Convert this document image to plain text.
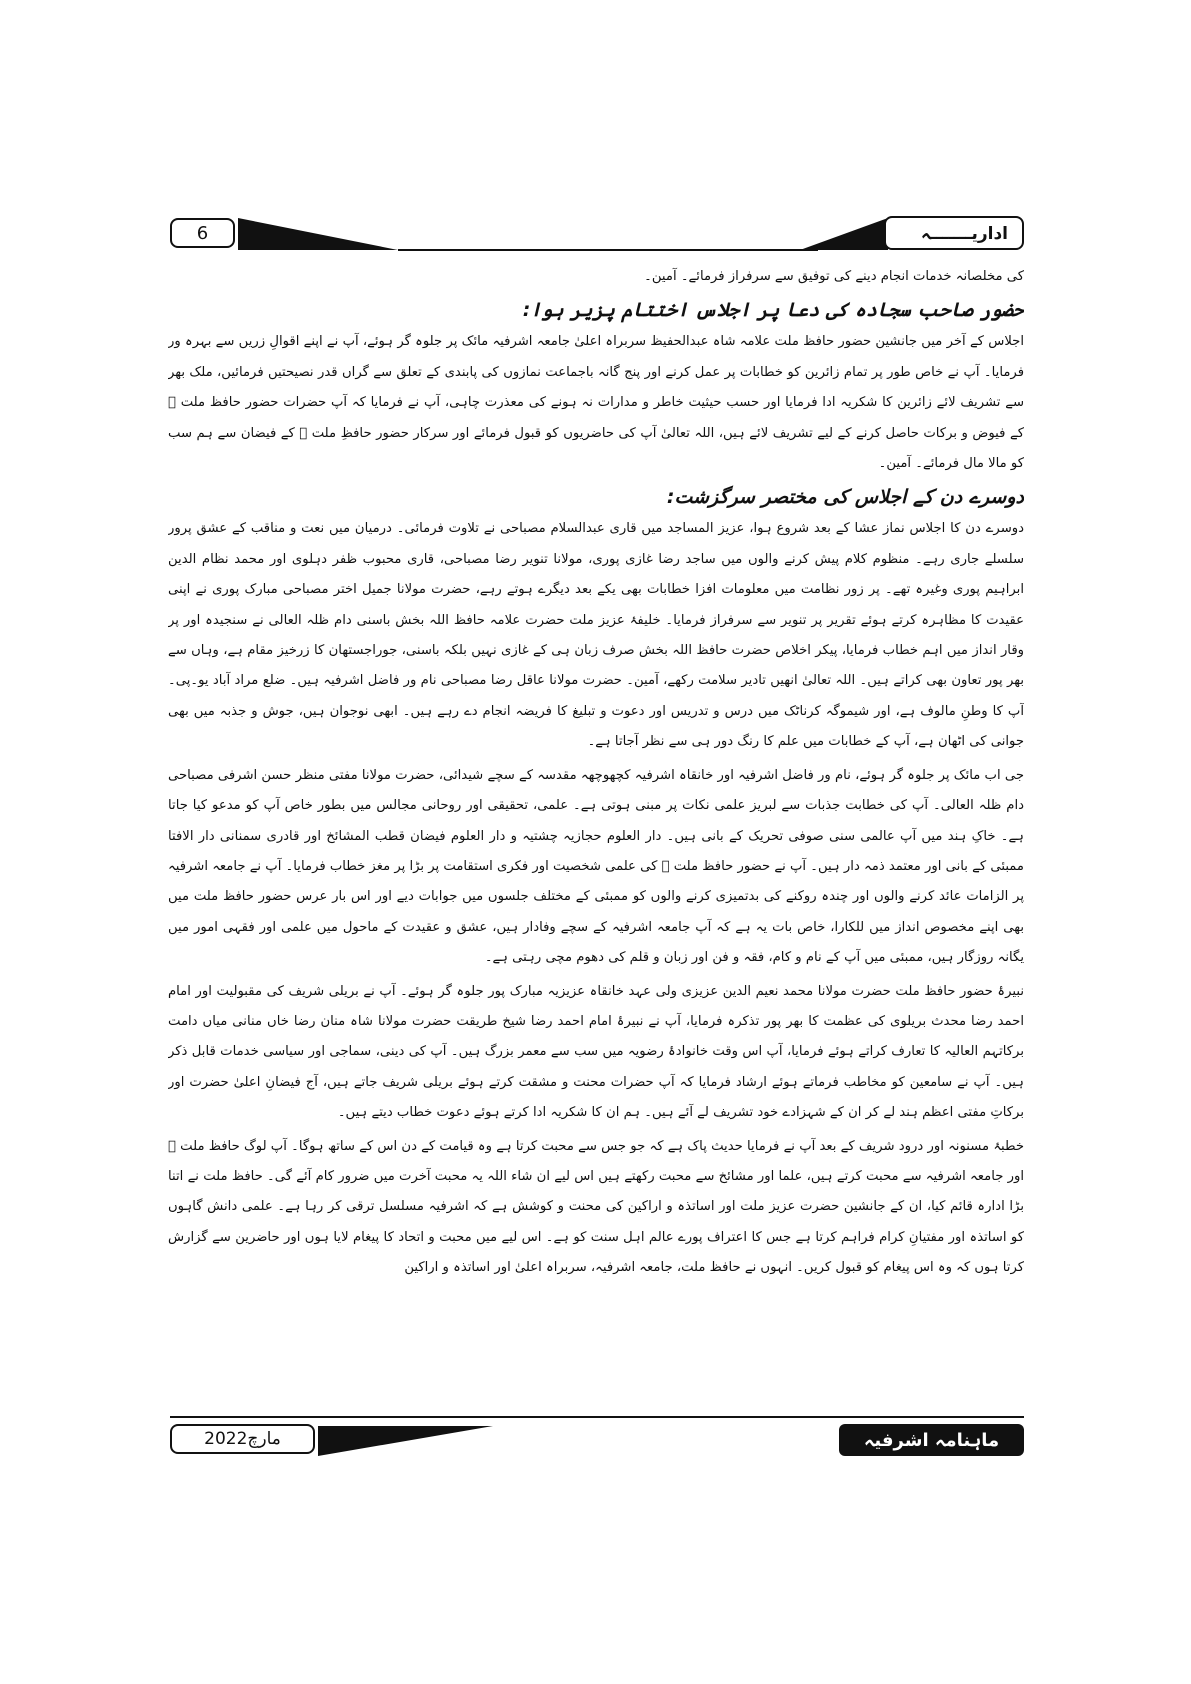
6	اداریـــــــہ

کی مخلصانہ خدمات انجام دینے کی توفیق سے سرفراز فرمائے۔ آمین۔

حضور صاحب سجادہ کی دعا پر اجلاس اختتام پزیر ہوا:

اجلاس کے آخر میں جانشین حضور حافظ ملت علامہ شاہ عبدالحفیظ سربراہ اعلیٰ جامعہ اشرفیہ مائک پر جلوہ گر ہوئے، آپ نے اپنے اقوالِ زریں سے بہرہ ور فرمایا۔ آپ نے خاص طور پر تمام زائرین کو خطابات پر عمل کرنے اور پنج گانہ باجماعت نمازوں کی پابندی کے تعلق سے گراں قدر نصیحتیں فرمائیں، ملک بھر سے تشریف لائے زائرین کا شکریہ ادا فرمایا اور حسب حیثیت خاطر و مدارات نہ ہونے کی معذرت چاہی، آپ نے فرمایا کہ آپ حضرات حضور حافظ ملت ﷫ کے فیوض و برکات حاصل کرنے کے لیے تشریف لائے ہیں، اللہ تعالیٰ آپ کی حاضریوں کو قبول فرمائے اور سرکار حضور حافظِ ملت ﷫ کے فیضان سے ہم سب کو مالا مال فرمائے۔ آمین۔

دوسرے دن کے اجلاس کی مختصر سرگزشت:

دوسرے دن کا اجلاس نماز عشا کے بعد شروع ہوا، عزیز المساجد میں قاری عبدالسلام مصباحی نے تلاوت فرمائی۔ درمیان میں نعت و مناقب کے عشق پرور سلسلے جاری رہے۔ منظوم کلام پیش کرنے والوں میں ساجد رضا غازی پوری، مولانا تنویر رضا مصباحی، قاری محبوب ظفر دہلوی اور محمد نظام الدین ابراہیم پوری وغیرہ تھے۔ پر زور نظامت میں معلومات افزا خطابات بھی یکے بعد دیگرے ہوتے رہے، حضرت مولانا جمیل اختر مصباحی مبارک پوری نے اپنی عقیدت کا مظاہرہ کرتے ہوئے تقریر پر تنویر سے سرفراز فرمایا۔ خلیفۂ عزیز ملت حضرت علامہ حافظ اللہ بخش باسنی دام ظلہ العالی نے سنجیدہ اور پر وقار انداز میں اہم خطاب فرمایا، پیکر اخلاص حضرت حافظ اللہ بخش صرف زبان ہی کے غازی نہیں بلکہ باسنی، جوراجستھان کا زرخیز مقام ہے، وہاں سے بھر پور تعاون بھی کراتے ہیں۔ اللہ تعالیٰ انھیں تادیر سلامت رکھے، آمین۔ حضرت مولانا عاقل رضا مصباحی نام ور فاضل اشرفیہ ہیں۔ ضلع مراد آباد یو۔پی۔ آپ کا وطنِ مالوف ہے، اور شیموگہ کرناٹک میں درس و تدریس اور دعوت و تبلیغ کا فریضہ انجام دے رہے ہیں۔ ابھی نوجوان ہیں، جوش و جذبہ میں بھی جوانی کی اٹھان ہے، آپ کے خطابات میں علم کا رنگ دور ہی سے نظر آجاتا ہے۔

جی اب مائک پر جلوہ گر ہوئے، نام ور فاضل اشرفیہ اور خانقاہ اشرفیہ کچھوچھہ مقدسہ کے سچے شیدائی، حضرت مولانا مفتی منظر حسن اشرفی مصباحی دام ظلہ العالی۔ آپ کی خطابت جذبات سے لبریز علمی نکات پر مبنی ہوتی ہے۔ علمی، تحقیقی اور روحانی مجالس میں بطور خاص آپ کو مدعو کیا جاتا ہے۔ خاکِ ہند میں آپ عالمی سنی صوفی تحریک کے بانی ہیں۔ دار العلوم حجازیہ چشتیہ و دار العلوم فیضان قطب المشائخ اور قادری سمنانی دار الافتا ممبئی کے بانی اور معتمد ذمہ دار ہیں۔ آپ نے حضور حافظ ملت ﷫ کی علمی شخصیت اور فکری استقامت پر بڑا پر مغز خطاب فرمایا۔ آپ نے جامعہ اشرفیہ پر الزامات عائد کرنے والوں اور چندہ روکنے کی بدتمیزی کرنے والوں کو ممبئی کے مختلف جلسوں میں جوابات دیے اور اس بار عرس حضور حافظ ملت میں بھی اپنے مخصوص انداز میں للکارا، خاص بات یہ ہے کہ آپ جامعہ اشرفیہ کے سچے وفادار ہیں، عشق و عقیدت کے ماحول میں علمی اور فقہی امور میں یگانہ روزگار ہیں، ممبئی میں آپ کے نام و کام، فقہ و فن اور زبان و قلم کی دھوم مچی رہتی ہے۔

نبیرۂ حضور حافظ ملت حضرت مولانا محمد نعیم الدین عزیزی ولی عہد خانقاہ عزیزیہ مبارک پور جلوہ گر ہوئے۔ آپ نے بریلی شریف کی مقبولیت اور امام احمد رضا محدث بریلوی کی عظمت کا بھر پور تذکرہ فرمایا، آپ نے نبیرۂ امام احمد رضا شیخ طریقت حضرت مولانا شاہ منان رضا خاں منانی میاں دامت برکاتہم العالیہ کا تعارف کراتے ہوئے فرمایا، آپ اس وقت خانوادۂ رضویہ میں سب سے معمر بزرگ ہیں۔ آپ کی دینی، سماجی اور سیاسی خدمات قابل ذکر ہیں۔ آپ نے سامعین کو مخاطب فرماتے ہوئے ارشاد فرمایا کہ آپ حضرات محنت و مشقت کرتے ہوئے بریلی شریف جاتے ہیں، آج فیضانِ اعلیٰ حضرت اور برکاتِ مفتی اعظم ہند لے کر ان کے شہزادے خود تشریف لے آئے ہیں۔ ہم ان کا شکریہ ادا کرتے ہوئے دعوت خطاب دیتے ہیں۔

خطبۂ مسنونہ اور درود شریف کے بعد آپ نے فرمایا حدیث پاک ہے کہ جو جس سے محبت کرتا ہے وہ قیامت کے دن اس کے ساتھ ہوگا۔ آپ لوگ حافظ ملت ﷫ اور جامعہ اشرفیہ سے محبت کرتے ہیں، علما اور مشائخ سے محبت رکھتے ہیں اس لیے ان شاء اللہ یہ محبت آخرت میں ضرور کام آئے گی۔ حافظ ملت نے اتنا بڑا ادارہ قائم کیا، ان کے جانشین حضرت عزیز ملت اور اساتذہ و اراکین کی محنت و کوشش ہے کہ اشرفیہ مسلسل ترقی کر رہا ہے۔ علمی دانش گاہوں کو اساتذہ اور مفتیانِ کرام فراہم کرتا ہے جس کا اعتراف پورے عالم اہل سنت کو ہے۔ اس لیے میں محبت و اتحاد کا پیغام لایا ہوں اور حاضرین سے گزارش کرتا ہوں کہ وہ اس پیغام کو قبول کریں۔ انہوں نے حافظ ملت، جامعہ اشرفیہ، سربراہ اعلیٰ اور اساتذہ و اراکین

مارچ2022	ماہنامہ اشرفیہ
